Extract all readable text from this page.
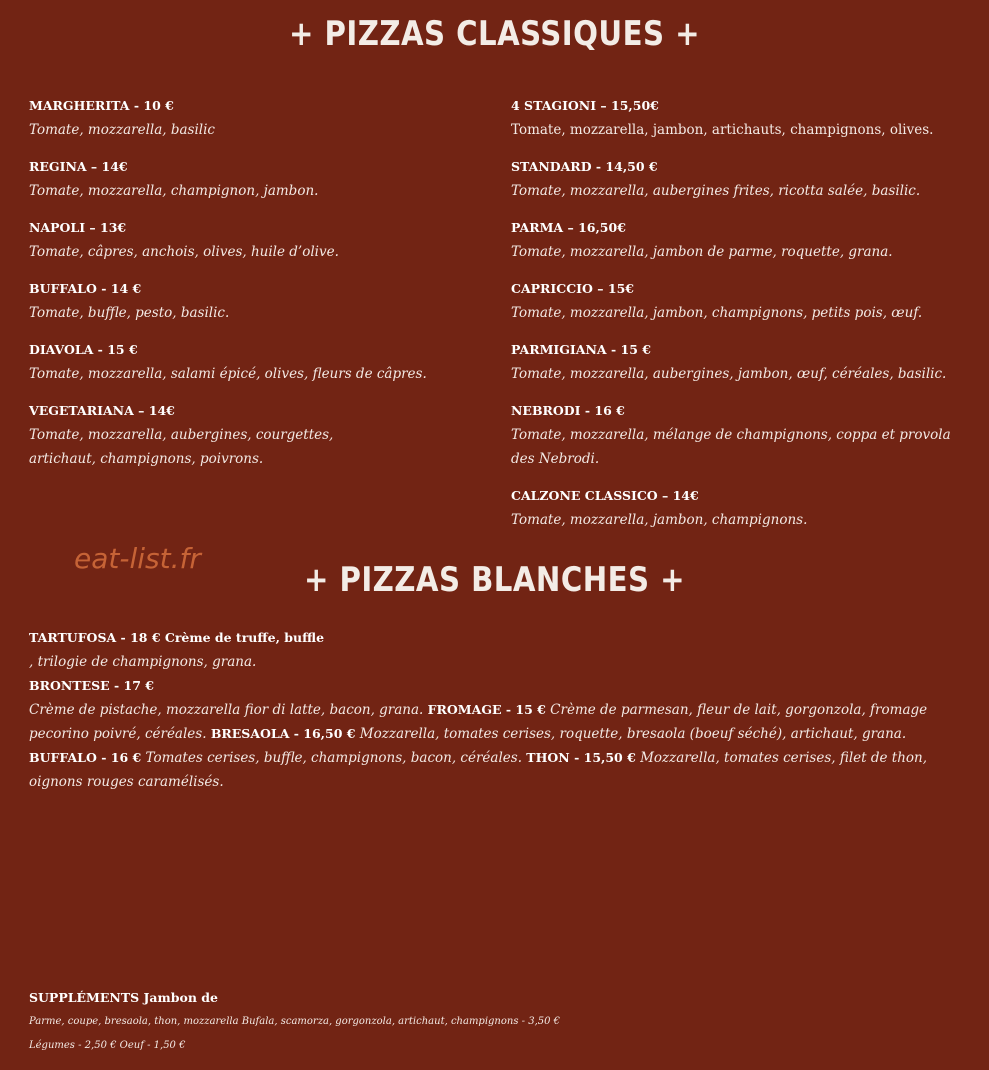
+ PIZZAS CLASSIQUES +
MARGHERITA - 10 €
Tomate, mozzarella, basilic
REGINA – 14€
Tomate, mozzarella, champignon, jambon.
NAPOLI – 13€
Tomate, câpres, anchois, olives, huile d’olive.
BUFFALO - 14 €
Tomate, buffle, pesto, basilic.
DIAVOLA - 15 €
Tomate, mozzarella, salami épicé, olives, fleurs de câpres.
VEGETARIANA – 14€
Tomate, mozzarella, aubergines, courgettes, artichaut, champignons, poivrons.
4 STAGIONI – 15,50€
Tomate, mozzarella, jambon, artichauts, champignons, olives.
STANDARD - 14,50 €
Tomate, mozzarella, aubergines frites, ricotta salée, basilic.
PARMA – 16,50€
Tomate, mozzarella, jambon de parme, roquette, grana.
CAPRICCIO – 15€
Tomate, mozzarella, jambon, champignons, petits pois, œuf.
PARMIGIANA - 15 €
Tomate, mozzarella, aubergines, jambon, œuf, céréales, basilic.
NEBRODI - 16 €
Tomate, mozzarella, mélange de champignons, coppa et provola des Nebrodi.
CALZONE CLASSICO – 14€
Tomate, mozzarella, jambon, champignons.
eat-list.fr
+ PIZZAS BLANCHES +
TARTUFOSA - 18 € Crème de truffe, buffle
, trilogie de champignons, grana.
BRONTESE - 17 €
Crème de pistache, mozzarella fior di latte, bacon, grana. FROMAGE - 15 € Crème de parmesan, fleur de lait, gorgonzola, fromage pecorino poivré, céréales. BRESAOLA - 16,50 € Mozzarella, tomates cerises, roquette, bresaola (boeuf séché), artichaut, grana. BUFFALO - 16 € Tomates cerises, buffle, champignons, bacon, céréales. THON - 15,50 € Mozzarella, tomates cerises, filet de thon, oignons rouges caramélisés.
SUPPLÉMENTS Jambon de
Parme, coupe, bresaola, thon, mozzarella Bufala, scamorza, gorgonzola, artichaut, champignons - 3,50 €
Légumes - 2,50 € Oeuf - 1,50 €
